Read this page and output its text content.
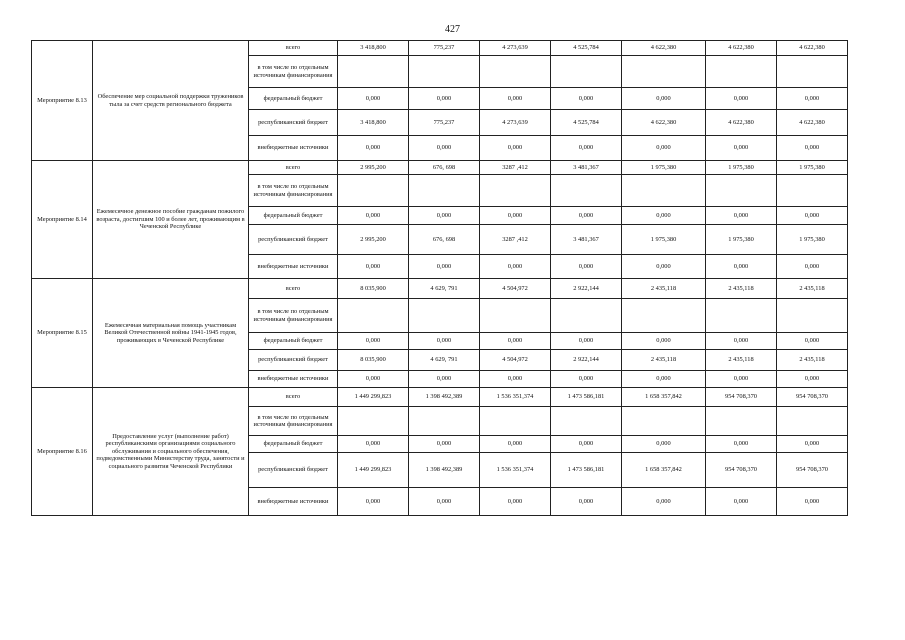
427
Мероприятие 8.13	Обеспечение мер социальной поддержки тружеников тыла за счет средств регионального бюджета	всего	3 418,800	775,237	4 273,639	4 525,784	4 622,380	4 622,380	4 622,380
		в том числе по отдельным источникам финансирования							
		федеральный бюджет	0,000	0,000	0,000	0,000	0,000	0,000	0,000
		республиканский бюджет	3 418,800	775,237	4 273,639	4 525,784	4 622,380	4 622,380	4 622,380
		внебюджетные источники	0,000	0,000	0,000	0,000	0,000	0,000	0,000
Мероприятие 8.14	Ежемесячное денежное пособие гражданам пожилого возраста, достигшим 100 и более лет, проживающим в Чеченской Республике	всего	2 995,200	676, 698	3287 ,412	3 481,367	1 975,380	1 975,380	1 975,380
		в том числе по отдельным источникам финансирования							
		федеральный бюджет	0,000	0,000	0,000	0,000	0,000	0,000	0,000
		республиканский бюджет	2 995,200	676, 698	3287 ,412	3 481,367	1 975,380	1 975,380	1 975,380
		внебюджетные источники	0,000	0,000	0,000	0,000	0,000	0,000	0,000
Мероприятие 8.15	Ежемесячная материальная помощь участникам Великой Отечественной войны 1941-1945 годов, проживающих в Чеченской Республике	всего	8 035,900	4 629, 791	4 504,972	2 922,144	2 435,118	2 435,118	2 435,118
		в том числе по отдельным источникам финансирования							
		федеральный бюджет	0,000	0,000	0,000	0,000	0,000	0,000	0,000
		республиканский бюджет	8 035,900	4 629, 791	4 504,972	2 922,144	2 435,118	2 435,118	2 435,118
		внебюджетные источники	0,000	0,000	0,000	0,000	0,000	0,000	0,000
Мероприятие 8.16	Предоставление услуг (выполнение работ) республиканскими организациями социального обслуживания и социального обеспечения, подведомственными Министерству труда, занятости и социального развития Чеченской Республики	всего	1 449 299,823	1 398 492,389	1 536 351,374	1 473 586,181	1 658 357,842	954 708,370	954 708,370
		в том числе по отдельным источникам финансирования							
		федеральный бюджет	0,000	0,000	0,000	0,000	0,000	0,000	0,000
		республиканский бюджет	1 449 299,823	1 398 492,389	1 536 351,374	1 473 586,181	1 658 357,842	954 708,370	954 708,370
		внебюджетные источники	0,000	0,000	0,000	0,000	0,000	0,000	0,000
